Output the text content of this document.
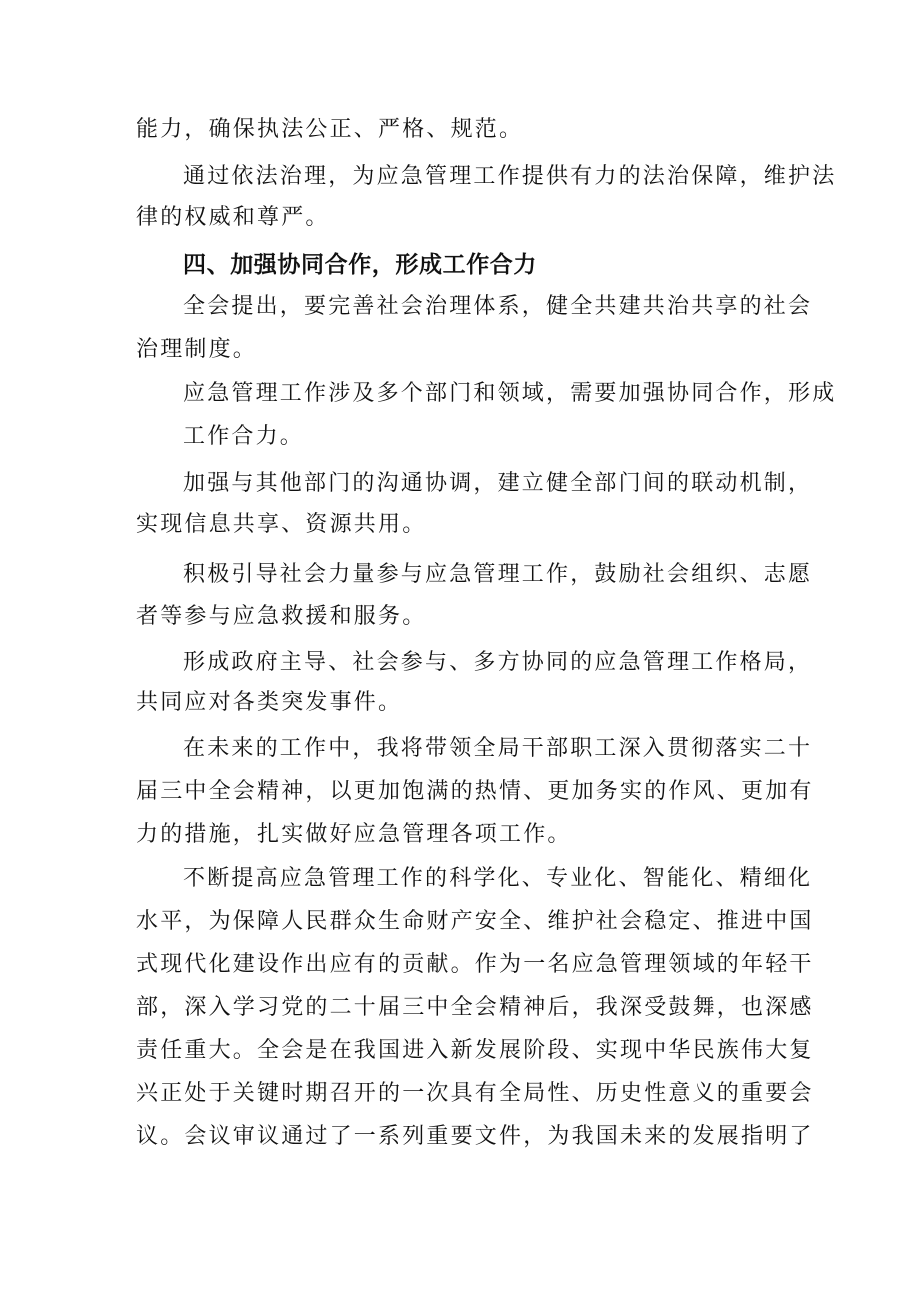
能力，确保执法公正、严格、规范。
通过依法治理，为应急管理工作提供有力的法治保障，维护法
律的权威和尊严。
四、加强协同合作，形成工作合力
全会提出，要完善社会治理体系，健全共建共治共享的社会
治理制度。
应急管理工作涉及多个部门和领域，需要加强协同合作，形成
工作合力。
加强与其他部门的沟通协调，建立健全部门间的联动机制，
实现信息共享、资源共用。
积极引导社会力量参与应急管理工作，鼓励社会组织、志愿
者等参与应急救援和服务。
形成政府主导、社会参与、多方协同的应急管理工作格局，
共同应对各类突发事件。
在未来的工作中，我将带领全局干部职工深入贯彻落实二十
届三中全会精神，以更加饱满的热情、更加务实的作风、更加有
力的措施，扎实做好应急管理各项工作。
不断提高应急管理工作的科学化、专业化、智能化、精细化
水平，为保障人民群众生命财产安全、维护社会稳定、推进中国
式现代化建设作出应有的贡献。作为一名应急管理领域的年轻干
部，深入学习党的二十届三中全会精神后，我深受鼓舞，也深感
责任重大。全会是在我国进入新发展阶段、实现中华民族伟大复
兴正处于关键时期召开的一次具有全局性、历史性意义的重要会
议。会议审议通过了一系列重要文件，为我国未来的发展指明了
